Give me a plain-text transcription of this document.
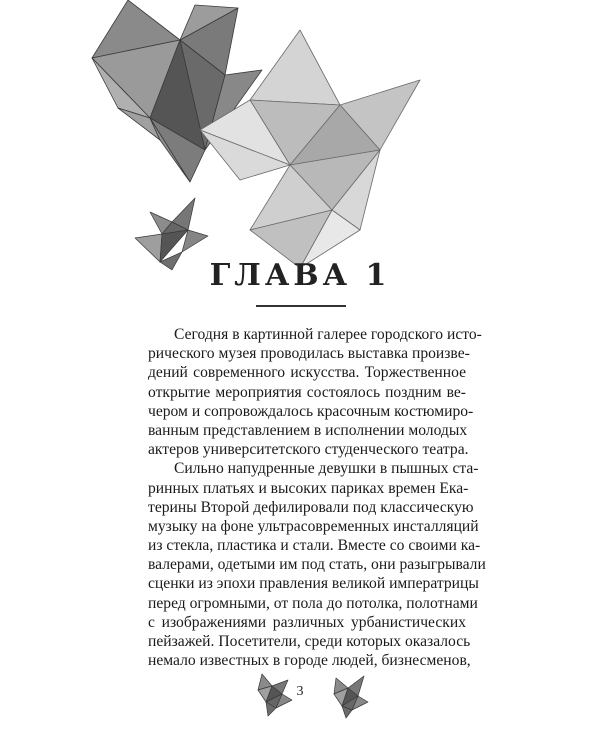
ГЛАВА 1
Сегодня в картинной галерее городского исто-
рического музея проводилась выставка произве-
дений современного искусства. Торжественное
открытие мероприятия состоялось поздним ве-
чером и сопровождалось красочным костюмиро-
ванным представлением в исполнении молодых
актеров университетского студенческого театра.
Сильно напудренные девушки в пышных ста-
ринных платьях и высоких париках времен Ека-
терины Второй дефилировали под классическую
музыку на фоне ультрасовременных инсталляций
из стекла, пластика и стали. Вместе со своими ка-
валерами, одетыми им под стать, они разыгрывали
сценки из эпохи правления великой императрицы
перед огромными, от пола до потолка, полотнами
с изображениями различных урбанистических
пейзажей. Посетители, среди которых оказалось
немало известных в городе людей, бизнесменов,
3
